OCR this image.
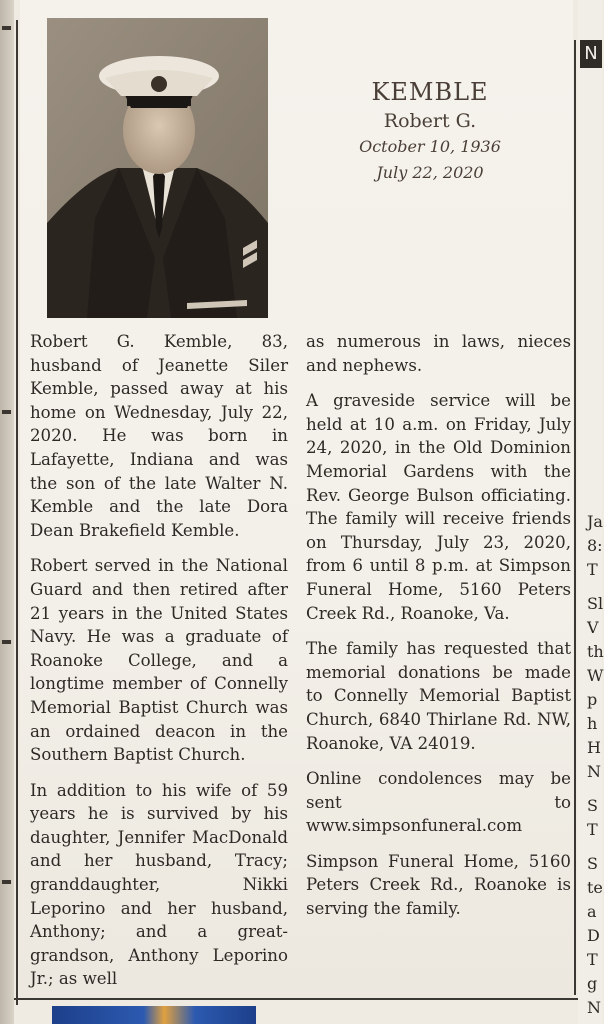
KEMBLE
Robert G.
October 10, 1936
July 22, 2020

Robert G. Kemble, 83, husband of Jeanette Siler Kemble, passed away at his home on Wednesday, July 22, 2020. He was born in Lafayette, Indiana and was the son of the late Walter N. Kemble and the late Dora Dean Brakefield Kemble.

Robert served in the National Guard and then retired after 21 years in the United States Navy. He was a graduate of Roanoke College, and a longtime member of Connelly Memorial Baptist Church was an ordained deacon in the Southern Baptist Church.

In addition to his wife of 59 years he is survived by his daughter, Jennifer MacDonald and her husband, Tracy; granddaughter, Nikki Leporino and her husband, Anthony; and a great-grandson, Anthony Leporino Jr.; as well

as numerous in laws, nieces and nephews.

A graveside service will be held at 10 a.m. on Friday, July 24, 2020, in the Old Dominion Memorial Gardens with the Rev. George Bulson officiating. The family will receive friends on Thursday, July 23, 2020, from 6 until 8 p.m. at Simpson Funeral Home, 5160 Peters Creek Rd., Roanoke, Va.

The family has requested that memorial donations be made to Connelly Memorial Baptist Church, 6840 Thirlane Rd. NW, Roanoke, VA 24019.

Online condolences may be sent to www.simpsonfuneral.com

Simpson Funeral Home, 5160 Peters Creek Rd., Roanoke is serving the family.

Ja
8:
T
Sl
V
th
W
p
h
H
N
S
T
S
te
a
D
T
g
N
N
